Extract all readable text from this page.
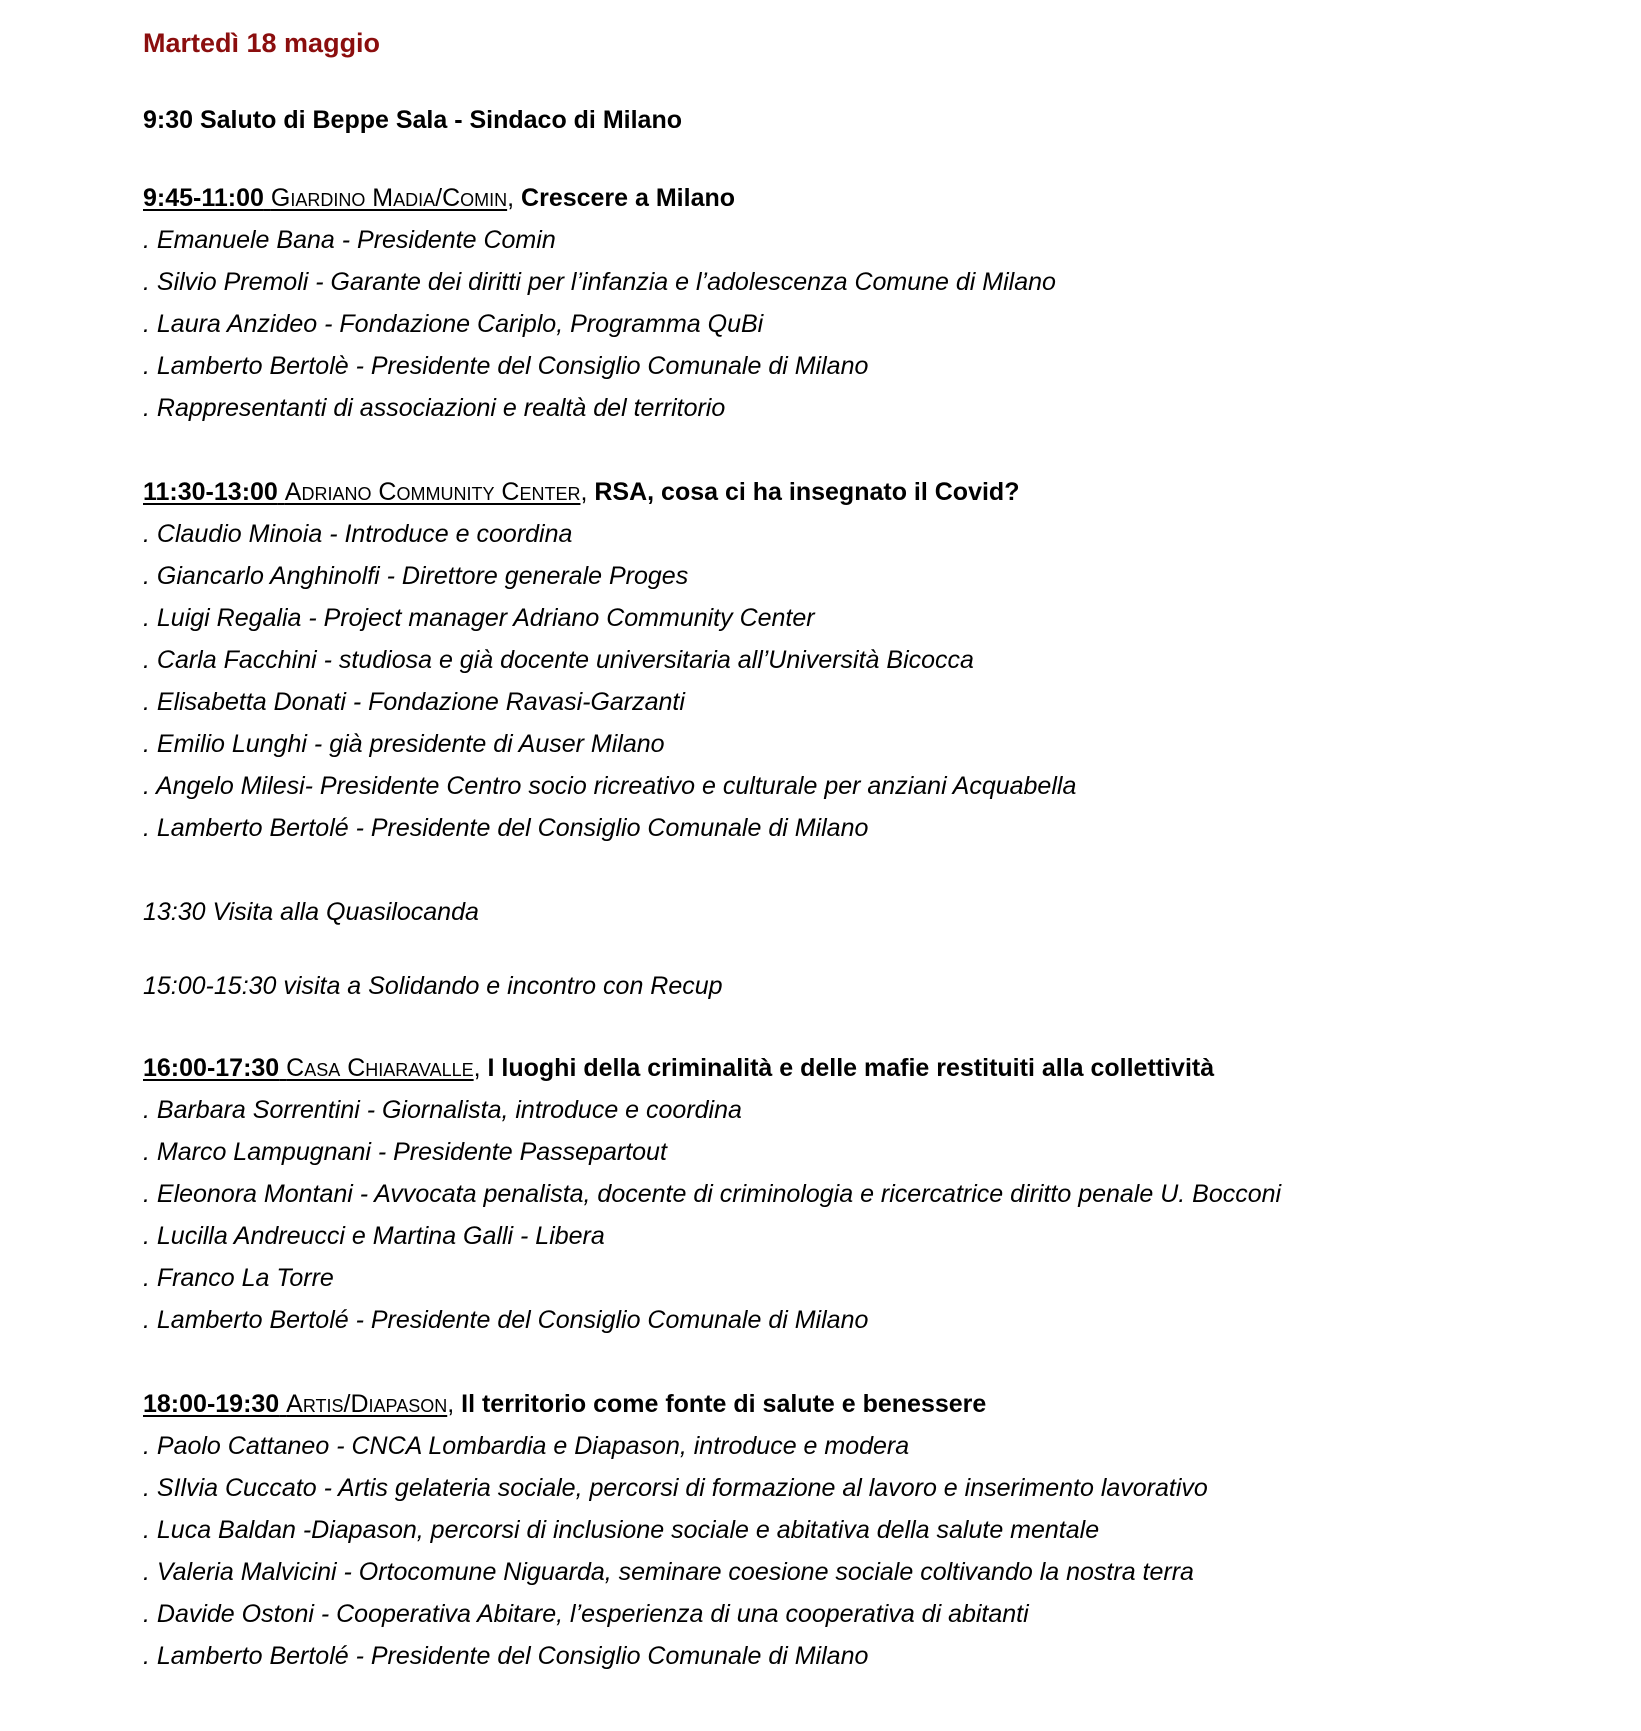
Martedì 18 maggio
9:30 Saluto di Beppe Sala - Sindaco di Milano
9:45-11:00 Giardino Madia/Comin, Crescere a Milano
. Emanuele Bana - Presidente Comin
. Silvio Premoli - Garante dei diritti per l’infanzia e l’adolescenza Comune di Milano
. Laura Anzideo - Fondazione Cariplo, Programma QuBi
. Lamberto Bertolè - Presidente del Consiglio Comunale di Milano
. Rappresentanti di associazioni e realtà del territorio
11:30-13:00 Adriano Community Center, RSA, cosa ci ha insegnato il Covid?
. Claudio Minoia - Introduce e coordina
. Giancarlo Anghinolfi - Direttore generale Proges
. Luigi Regalia - Project manager Adriano Community Center
. Carla Facchini - studiosa e già docente universitaria all’Università Bicocca
. Elisabetta Donati - Fondazione Ravasi-Garzanti
. Emilio Lunghi - già presidente di Auser Milano
. Angelo Milesi- Presidente Centro socio ricreativo e culturale per anziani Acquabella
. Lamberto Bertolé - Presidente del Consiglio Comunale di Milano
13:30 Visita alla Quasilocanda
15:00-15:30 visita a Solidando e incontro con Recup
16:00-17:30 Casa Chiaravalle, I luoghi della criminalità e delle mafie restituiti alla collettività
. Barbara Sorrentini - Giornalista, introduce e coordina
. Marco Lampugnani - Presidente Passepartout
. Eleonora Montani - Avvocata penalista, docente di criminologia e ricercatrice diritto penale U. Bocconi
. Lucilla Andreucci e Martina Galli - Libera
. Franco La Torre
. Lamberto Bertolé - Presidente del Consiglio Comunale di Milano
18:00-19:30 Artis/Diapason, Il territorio come fonte di salute e benessere
. Paolo Cattaneo - CNCA Lombardia e Diapason, introduce e modera
. SIlvia Cuccato - Artis gelateria sociale, percorsi di formazione al lavoro e inserimento lavorativo
. Luca Baldan -Diapason, percorsi di inclusione sociale e abitativa della salute mentale
. Valeria Malvicini - Ortocomune Niguarda, seminare coesione sociale coltivando la nostra terra
. Davide Ostoni - Cooperativa Abitare, l’esperienza di una cooperativa di abitanti
. Lamberto Bertolé - Presidente del Consiglio Comunale di Milano
